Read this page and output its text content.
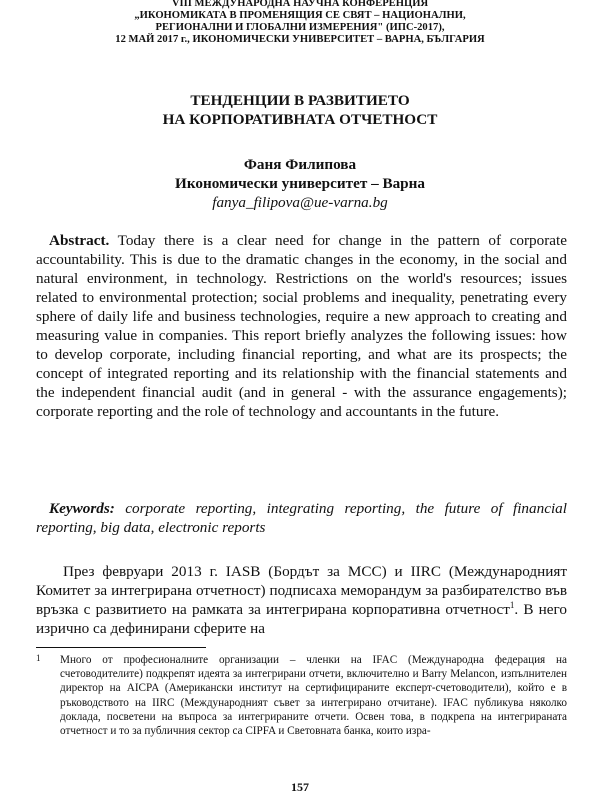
VIII МЕЖДУНАРОДНА НАУЧНА КОНФЕРЕНЦИЯ
„ИКОНОМИКАТА В ПРОМЕНЯЩИЯ СЕ СВЯТ – НАЦИОНАЛНИ,
РЕГИОНАЛНИ И ГЛОБАЛНИ ИЗМЕРЕНИЯ" (ИПС-2017),
12 МАЙ 2017 г., ИКОНОМИЧЕСКИ УНИВЕРСИТЕТ – ВАРНА, БЪЛГАРИЯ
ТЕНДЕНЦИИ В РАЗВИТИЕТО
НА КОРПОРАТИВНАТА ОТЧЕТНОСТ
Фаня Филипова
Икономически университет – Варна
fanya_filipova@ue-varna.bg

Abstract. Today there is a clear need for change in the pattern of corporate accountability. This is due to the dramatic changes in the economy, in the social and natural environment, in technology. Restrictions on the world's resources; issues related to environmental protection; social problems and inequality, penetrating every sphere of daily life and business technologies, require a new approach to creating and measuring value in companies. This report briefly analyzes the following issues: how to develop corporate, including financial reporting, and what are its prospects; the concept of integrated reporting and its relationship with the financial statements and the independent financial audit (and in general - with the assurance engagements); corporate reporting and the role of technology and accountants in the future.

Keywords: corporate reporting, integrating reporting, the future of financial reporting, big data, electronic reports

През февруари 2013 г. IASB (Бордът за МСС) и IIRC (Международният Комитет за интегрирана отчетност) подписаха меморандум за разбирателство във връзка с развитието на рамката за интегрирана корпоративна отчетност$^1$. В него изрично са дефинирани сферите на

1 Много от професионалните организации – членки на IFAC (Международна федерация на счетоводителите) подкрепят идеята за интегрирани отчети, включително и Barry Melancon, изпълнителен директор на AICPA (Американски институт на сертифицираните експерт-счетоводители), който е в ръководството на IIRC (Международният съвет за интегрирано отчитане). IFAC публикува няколко доклада, посветени на въпроса за интегрираните отчети. Освен това, в подкрепа на интегрираната отчетност и то за публичния сектор са CIPFA и Световната банка, които изра-

157
